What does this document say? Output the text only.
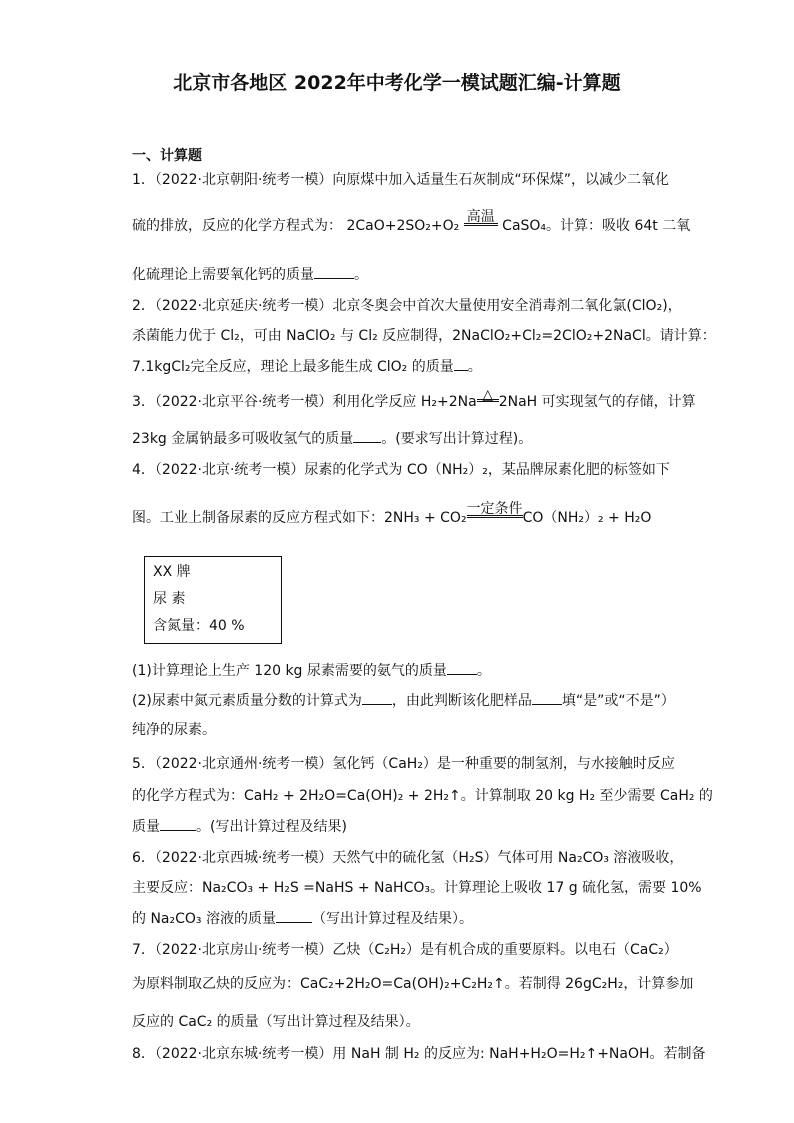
北京市各地区 2022年中考化学一模试题汇编-计算题
一、计算题
1．（2022·北京朝阳·统考一模）向原煤中加入适量生石灰制成“环保煤”，以减少二氧化
硫的排放，反应的化学方程式为： 2CaO+2SO₂+O₂
高温
CaSO₄。计算：吸收 64t 二氧
化硫理论上需要氧化钙的质量	。
2．（2022·北京延庆·统考一模）北京冬奥会中首次大量使用安全消毒剂二氧化氯(ClO₂)，
杀菌能力优于 Cl₂，可由 NaClO₂ 与 Cl₂ 反应制得，2NaClO₂+Cl₂=2ClO₂+2NaCl。请计算：
7.1kgCl₂完全反应，理论上最多能生成 ClO₂ 的质量 。
3．（2022·北京平谷·统考一模）利用化学反应 H₂+2Na △ 2NaH 可实现氢气的存储，计算
23kg 金属钠最多可吸收氢气的质量 。(要求写出计算过程)。
4．（2022·北京·统考一模）尿素的化学式为 CO（NH₂）₂，某品牌尿素化肥的标签如下
图。工业上制备尿素的反应方程式如下：2NH₃ + CO₂
一定条件
CO（NH₂）₂ + H₂O
XX 牌
尿 素
含氮量：40 %
(1)计算理论上生产 120 kg 尿素需要的氨气的质量 。
(2)尿素中氮元素质量分数的计算式为 ，由此判断该化肥样品 填“是”或“不是”）
纯净的尿素。
5．（2022·北京通州·统考一模）氢化钙（CaH₂）是一种重要的制氢剂，与水接触时反应
的化学方程式为：CaH₂ + 2H₂O=Ca(OH)₂ + 2H₂↑。计算制取 20 kg H₂ 至少需要 CaH₂ 的
质量	。(写出计算过程及结果)
6．（2022·北京西城·统考一模）天然气中的硫化氢（H₂S）气体可用 Na₂CO₃ 溶液吸收，
主要反应：Na₂CO₃ + H₂S =NaHS + NaHCO₃。计算理论上吸收 17 g 硫化氢，需要 10%
的 Na₂CO₃ 溶液的质量	（写出计算过程及结果）。
7．（2022·北京房山·统考一模）乙炔（C₂H₂）是有机合成的重要原料。以电石（CaC₂）
为原料制取乙炔的反应为：CaC₂+2H₂O=Ca(OH)₂+C₂H₂↑。若制得 26gC₂H₂，计算参加
反应的 CaC₂ 的质量（写出计算过程及结果）。
8．（2022·北京东城·统考一模）用 NaH 制 H₂ 的反应为: NaH+H₂O=H₂↑+NaOH。若制备
